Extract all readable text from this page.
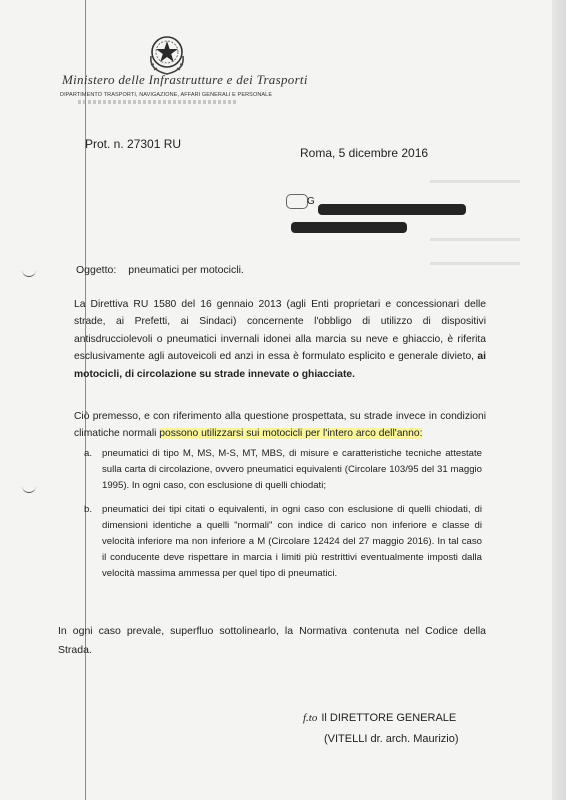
Ministero delle Infrastrutture e dei Trasporti
DIPARTIMENTO TRASPORTI, NAVIGAZIONE, AFFARI GENERALI E PERSONALE
Prot. n. 27301 RU
Roma, 5 dicembre 2016
G
Oggetto: pneumatici per motocicli.
La Direttiva RU 1580 del 16 gennaio 2013 (agli Enti proprietari e concessionari delle strade, ai Prefetti, ai Sindaci) concernente l'obbligo di utilizzo di dispositivi antisdrucciolevoli o pneumatici invernali idonei alla marcia su neve e ghiaccio, è riferita esclusivamente agli autoveicoli ed anzi in essa è formulato esplicito e generale divieto, ai motocicli, di circolazione su strade innevate o ghiacciate.
Ciò premesso, e con riferimento alla questione prospettata, su strade invece in condizioni climatiche normali possono utilizzarsi sui motocicli per l'intero arco dell'anno:
a. pneumatici di tipo M, MS, M-S, MT, MBS, di misure e caratteristiche tecniche attestate sulla carta di circolazione, ovvero pneumatici equivalenti (Circolare 103/95 del 31 maggio 1995). In ogni caso, con esclusione di quelli chiodati;
b. pneumatici dei tipi citati o equivalenti, in ogni caso con esclusione di quelli chiodati, di dimensioni identiche a quelli "normali" con indice di carico non inferiore e classe di velocità inferiore ma non inferiore a M (Circolare 12424 del 27 maggio 2016). In tal caso il conducente deve rispettare in marcia i limiti più restrittivi eventualmente imposti dalla velocità massima ammessa per quel tipo di pneumatici.
In ogni caso prevale, superfluo sottolinearlo, la Normativa contenuta nel Codice della Strada.
f.to Il DIRETTORE GENERALE
(VITELLI dr. arch. Maurizio)
